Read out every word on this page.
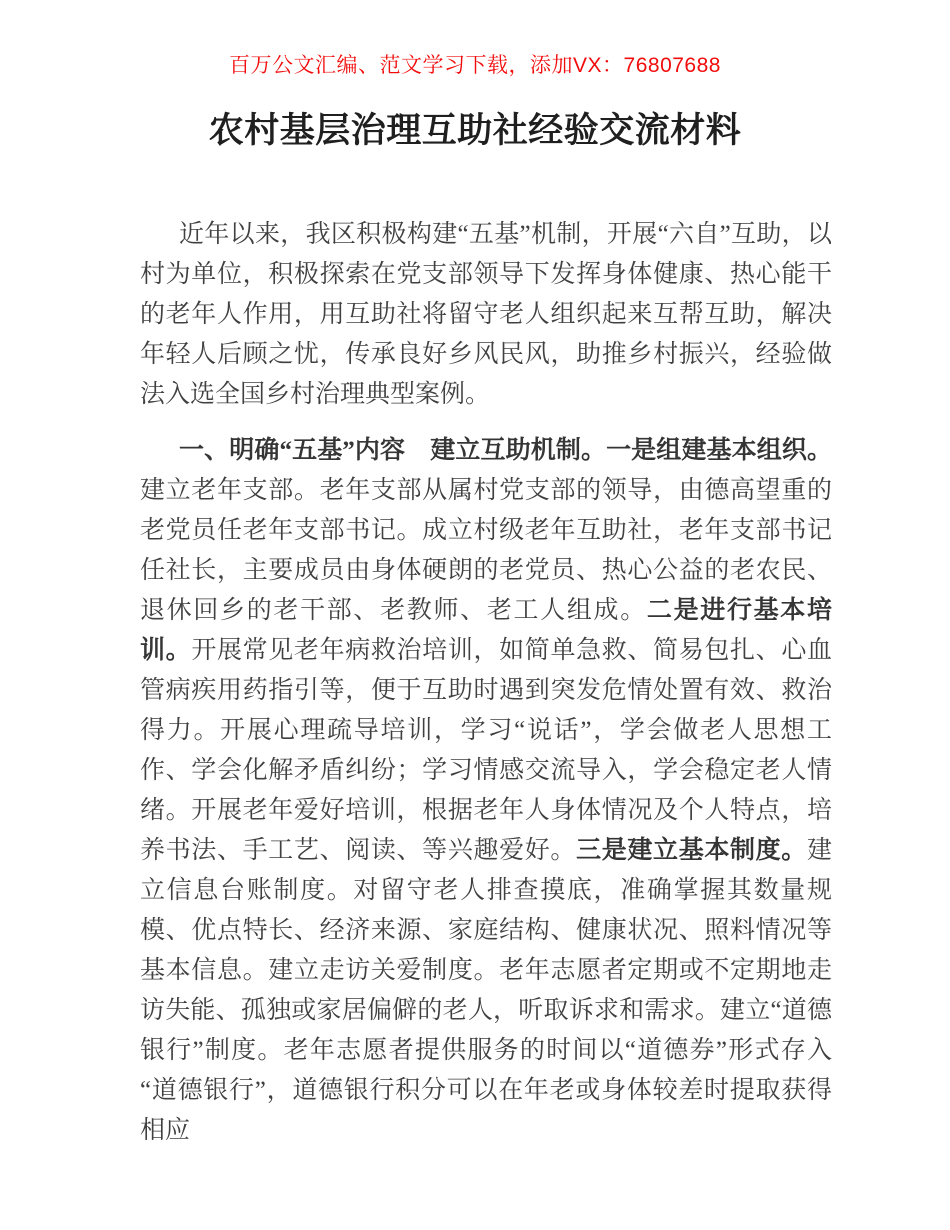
百万公文汇编、范文学习下载，添加VX：76807688
农村基层治理互助社经验交流材料

近年以来，我区积极构建“五基”机制，开展“六自”互助，以村为单位，积极探索在党支部领导下发挥身体健康、热心能干的老年人作用，用互助社将留守老人组织起来互帮互助，解决年轻人后顾之忧，传承良好乡风民风，助推乡村振兴，经验做法入选全国乡村治理典型案例。

一、明确“五基”内容　建立互助机制。一是组建基本组织。建立老年支部。老年支部从属村党支部的领导，由德高望重的老党员任老年支部书记。成立村级老年互助社，老年支部书记任社长，主要成员由身体硬朗的老党员、热心公益的老农民、退休回乡的老干部、老教师、老工人组成。二是进行基本培训。开展常见老年病救治培训，如简单急救、简易包扎、心血管病疾用药指引等，便于互助时遇到突发危情处置有效、救治得力。开展心理疏导培训，学习“说话”，学会做老人思想工作、学会化解矛盾纠纷；学习情感交流导入，学会稳定老人情绪。开展老年爱好培训，根据老年人身体情况及个人特点，培养书法、手工艺、阅读、等兴趣爱好。三是建立基本制度。建立信息台账制度。对留守老人排查摸底，准确掌握其数量规模、优点特长、经济来源、家庭结构、健康状况、照料情况等基本信息。建立走访关爱制度。老年志愿者定期或不定期地走访失能、孤独或家居偏僻的老人，听取诉求和需求。建立“道德银行”制度。老年志愿者提供服务的时间以“道德券”形式存入“道德银行”，道德银行积分可以在年老或身体较差时提取获得相应
